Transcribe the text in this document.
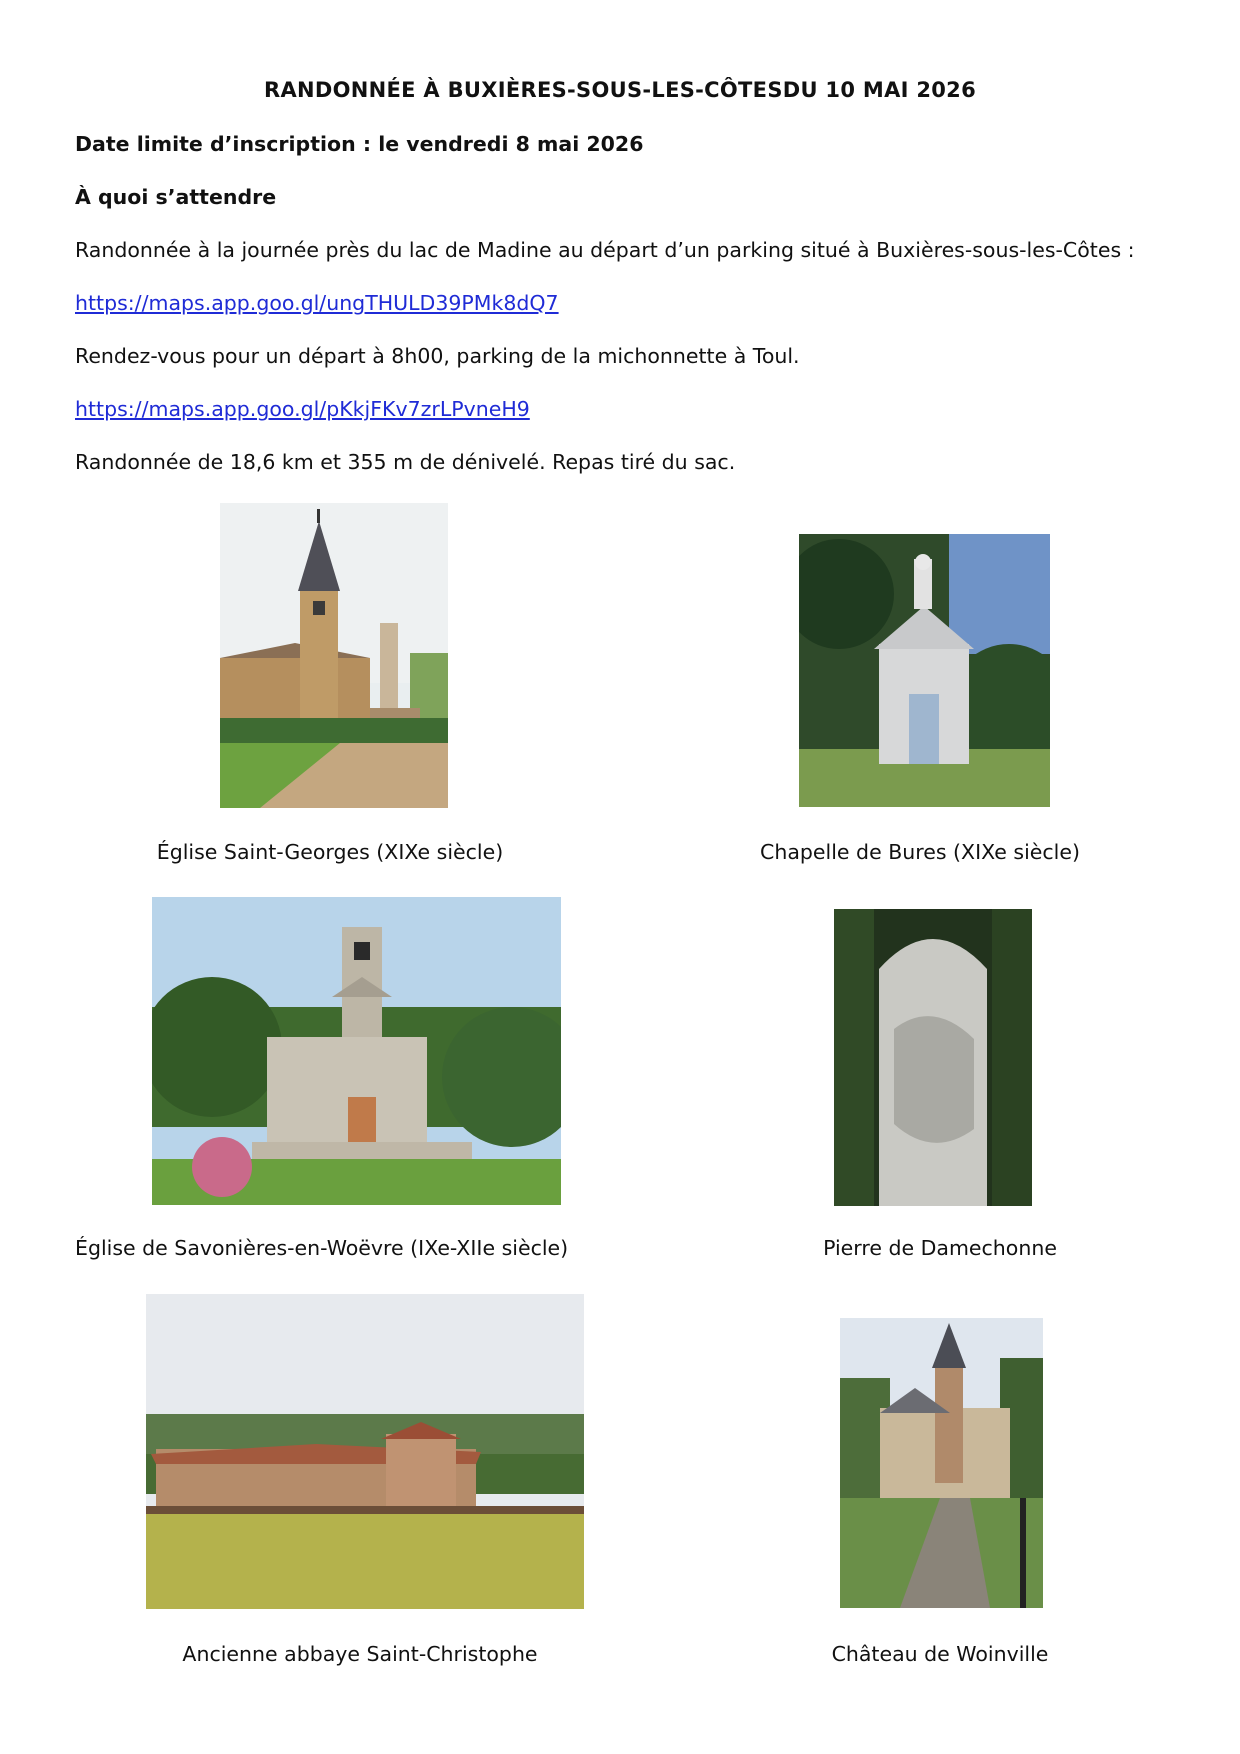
RANDONNÉE À BUXIÈRES-SOUS-LES-CÔTESDU 10 MAI 2026
Date limite d’inscription : le vendredi 8 mai 2026
À quoi s’attendre
Randonnée à la journée près du lac de Madine au départ d’un parking situé à Buxières-sous-les-Côtes :
https://maps.app.goo.gl/ungTHULD39PMk8dQ7
Rendez-vous pour un départ à 8h00, parking de la michonnette à Toul.
https://maps.app.goo.gl/pKkjFKv7zrLPvneH9
Randonnée de 18,6 km et 355 m de dénivelé. Repas tiré du sac.
Église Saint-Georges (XIXe siècle)	Chapelle de Bures (XIXe siècle)
Église de Savonières-en-Woëvre (IXe-XIIe siècle)	Pierre de Damechonne
Ancienne abbaye Saint-Christophe	Château de Woinville
